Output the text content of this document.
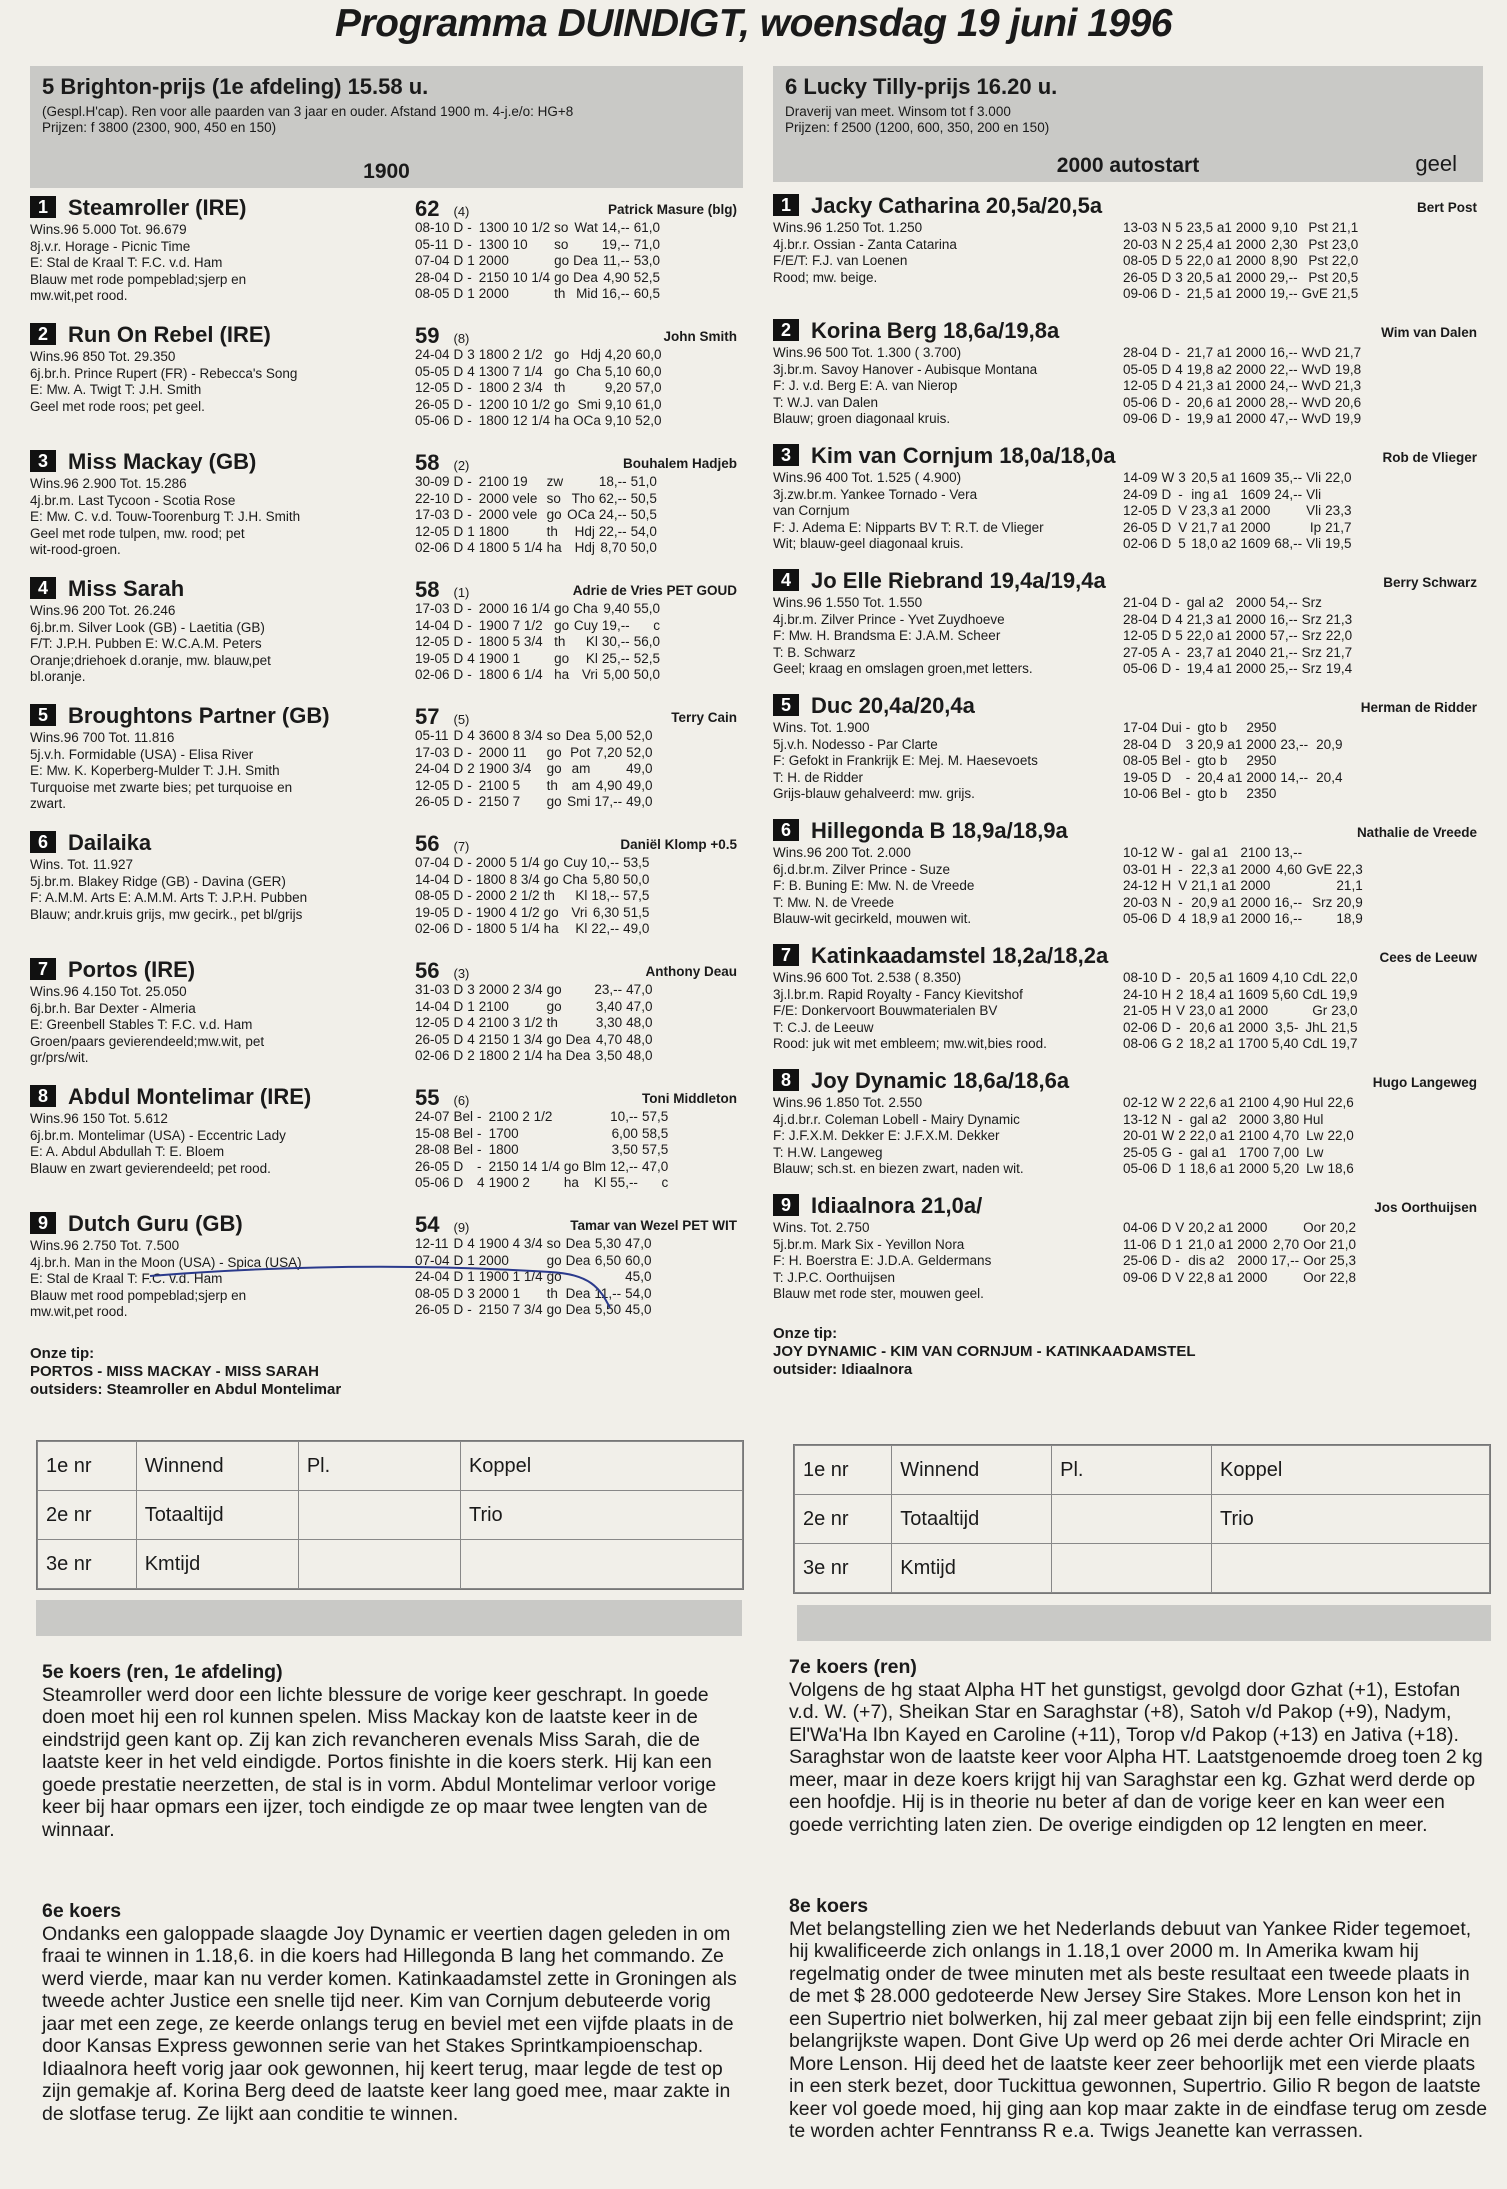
Programma DUINDIGT, woensdag 19 juni 1996
5 Brighton-prijs (1e afdeling) 15.58 u.
(Gespl.H'cap). Ren voor alle paarden van 3 jaar en ouder. Afstand 1900 m. 4-j.e/o: HG+8
Prijzen: f 3800 (2300, 900, 450 en 150)
1900
1 Steamroller (IRE)
Wins.96 5.000 Tot. 96.679
8j.v.r. Horage - Picnic Time
E: Stal de Kraal T: F.C. v.d. Ham
Blauw met rode pompeblad;sjerp en
mw.wit,pet rood.
62 (4)	Patrick Masure (blg)
08-10	D	-	1300 10 1/2	so	Wat	14,--	61,0
05-11	D	-	1300 10	so		19,--	71,0
07-04	D	1	2000	go	Dea	11,--	53,0
28-04	D	-	2150 10 1/4	go	Dea	4,90	52,5
08-05	D	1	2000	th	Mid	16,--	60,5
2 Run On Rebel (IRE)
Wins.96 850 Tot. 29.350
6j.br.h. Prince Rupert (FR) - Rebecca's Song
E: Mw. A. Twigt T: J.H. Smith
Geel met rode roos; pet geel.
59 (8)	John Smith
24-04	D	3	1800 2 1/2	go	Hdj	4,20	60,0
05-05	D	4	1300 7 1/4	go	Cha	5,10	60,0
12-05	D	-	1800 2 3/4	th		9,20	57,0
26-05	D	-	1200 10 1/2	go	Smi	9,10	61,0
05-06	D	-	1800 12 1/4	ha	OCa	9,10	52,0
3 Miss Mackay (GB)
Wins.96 2.900 Tot. 15.286
4j.br.m. Last Tycoon - Scotia Rose
E: Mw. C. v.d. Touw-Toorenburg T: J.H. Smith
Geel met rode tulpen, mw. rood; pet
wit-rood-groen.
58 (2)	Bouhalem Hadjeb
30-09	D	-	2100 19	zw		18,--	51,0
22-10	D	-	2000 vele	so	Tho	62,--	50,5
17-03	D	-	2000 vele	go	OCa	24,--	50,5
12-05	D	1	1800	th	Hdj	22,--	54,0
02-06	D	4	1800 5 1/4	ha	Hdj	8,70	50,0
4 Miss Sarah
Wins.96 200 Tot. 26.246
6j.br.m. Silver Look (GB) - Laetitia (GB)
F/T: J.P.H. Pubben E: W.C.A.M. Peters
Oranje;driehoek d.oranje, mw. blauw,pet
bl.oranje.
58 (1)	Adrie de Vries PET GOUD
17-03	D	-	2000 16 1/4	go	Cha	9,40	55,0
14-04	D	-	1900 7 1/2	go	Cuy	19,--	c
12-05	D	-	1800 5 3/4	th	Kl	30,--	56,0
19-05	D	4	1900 1	go	Kl	25,--	52,5
02-06	D	-	1800 6 1/4	ha	Vri	5,00	50,0
5 Broughtons Partner (GB)
Wins.96 700 Tot. 11.816
5j.v.h. Formidable (USA) - Elisa River
E: Mw. K. Koperberg-Mulder T: J.H. Smith
Turquoise met zwarte bies; pet turquoise en
zwart.
57 (5)	Terry Cain
05-11	D	4	3600 8 3/4	so	Dea	5,00	52,0
17-03	D	-	2000 11	go	Pot	7,20	52,0
24-04	D	2	1900 3/4	go	am		49,0
12-05	D	-	2100 5	th	am	4,90	49,0
26-05	D	-	2150 7	go	Smi	17,--	49,0
6 Dailaika
Wins. Tot. 11.927
5j.br.m. Blakey Ridge (GB) - Davina (GER)
F: A.M.M. Arts E: A.M.M. Arts T: J.P.H. Pubben
Blauw; andr.kruis grijs, mw gecirk., pet bl/grijs
56 (7)	Daniël Klomp +0.5
07-04	D	-	2000 5 1/4	go	Cuy	10,--	53,5
14-04	D	-	1800 8 3/4	go	Cha	5,80	50,0
08-05	D	-	2000 2 1/2	th	Kl	18,--	57,5
19-05	D	-	1900 4 1/2	go	Vri	6,30	51,5
02-06	D	-	1800 5 1/4	ha	Kl	22,--	49,0
7 Portos (IRE)
Wins.96 4.150 Tot. 25.050
6j.br.h. Bar Dexter - Almeria
E: Greenbell Stables T: F.C. v.d. Ham
Groen/paars gevierendeeld;mw.wit, pet
gr/prs/wit.
56 (3)	Anthony Deau
31-03	D	3	2000 2 3/4	go		23,--	47,0
14-04	D	1	2100	go		3,40	47,0
12-05	D	4	2100 3 1/2	th		3,30	48,0
26-05	D	4	2150 1 3/4	go	Dea	4,70	48,0
02-06	D	2	1800 2 1/4	ha	Dea	3,50	48,0
8 Abdul Montelimar (IRE)
Wins.96 150 Tot. 5.612
6j.br.m. Montelimar (USA) - Eccentric Lady
E: A. Abdul Abdullah T: E. Bloem
Blauw en zwart gevierendeeld; pet rood.
55 (6)	Toni Middleton
24-07	Bel	-	2100 2 1/2			10,--	57,5
15-08	Bel	-	1700			6,00	58,5
28-08	Bel	-	1800			3,50	57,5
26-05	D	-	2150 14 1/4	go	Blm	12,--	47,0
05-06	D	4	1900 2	ha	Kl	55,--	c
9 Dutch Guru (GB)
Wins.96 2.750 Tot. 7.500
4j.br.h. Man in the Moon (USA) - Spica (USA)
E: Stal de Kraal T: F.C. v.d. Ham
Blauw met rood pompeblad;sjerp en
mw.wit,pet rood.
54 (9)	Tamar van Wezel PET WIT
12-11	D	4	1900 4 3/4	so	Dea	5,30	47,0
07-04	D	1	2000	go	Dea	6,50	60,0
24-04	D	1	1900 1 1/4	go			45,0
08-05	D	3	2000 1	th	Dea	11,--	54,0
26-05	D	-	2150 7 3/4	go	Dea	5,50	45,0
Onze tip:
PORTOS - MISS MACKAY - MISS SARAH
outsiders: Steamroller en Abdul Montelimar
6 Lucky Tilly-prijs 16.20 u.
Draverij van meet. Winsom tot f 3.000
Prijzen: f 2500 (1200, 600, 350, 200 en 150)
2000 autostart	geel
1 Jacky Catharina 20,5a/20,5a
Wins.96 1.250 Tot. 1.250
4j.br.r. Ossian - Zanta Catarina
F/E/T: F.J. van Loenen
Rood; mw. beige.
Bert Post
13-03	N	5	23,5 a1	2000	9,10	Pst	21,1
20-03	N	2	25,4 a1	2000	2,30	Pst	23,0
08-05	D	5	22,0 a1	2000	8,90	Pst	22,0
26-05	D	3	20,5 a1	2000	29,--	Pst	20,5
09-06	D	-	21,5 a1	2000	19,--	GvE	21,5
2 Korina Berg 18,6a/19,8a
Wins.96 500 Tot. 1.300 ( 3.700)
3j.br.m. Savoy Hanover - Aubisque Montana
F: J. v.d. Berg E: A. van Nierop
T: W.J. van Dalen
Blauw; groen diagonaal kruis.
Wim van Dalen
28-04	D	-	21,7 a1	2000	16,--	WvD	21,7
05-05	D	4	19,8 a2	2000	22,--	WvD	19,8
12-05	D	4	21,3 a1	2000	24,--	WvD	21,3
05-06	D	-	20,6 a1	2000	28,--	WvD	20,6
09-06	D	-	19,9 a1	2000	47,--	WvD	19,9
3 Kim van Cornjum 18,0a/18,0a
Wins.96 400 Tot. 1.525 ( 4.900)
3j.zw.br.m. Yankee Tornado - Vera
van Cornjum
F: J. Adema E: Nipparts BV T: R.T. de Vlieger
Wit; blauw-geel diagonaal kruis.
Rob de Vlieger
14-09	W	3	20,5 a1	1609	35,--	Vli	22,0
24-09	D	-	ing a1	1609	24,--	Vli	
12-05	D	V	23,3 a1	2000		Vli	23,3
26-05	D	V	21,7 a1	2000		Ip	21,7
02-06	D	5	18,0 a2	1609	68,--	Vli	19,5
4 Jo Elle Riebrand 19,4a/19,4a
Wins.96 1.550 Tot. 1.550
4j.br.m. Zilver Prince - Yvet Zuydhoeve
F: Mw. H. Brandsma E: J.A.M. Scheer
T: B. Schwarz
Geel; kraag en omslagen groen,met letters.
Berry Schwarz
21-04	D	-	gal a2	2000	54,--	Srz	
28-04	D	4	21,3 a1	2000	16,--	Srz	21,3
12-05	D	5	22,0 a1	2000	57,--	Srz	22,0
27-05	A	-	23,7 a1	2040	21,--	Srz	21,7
05-06	D	-	19,4 a1	2000	25,--	Srz	19,4
5 Duc 20,4a/20,4a
Wins. Tot. 1.900
5j.v.h. Nodesso - Par Clarte
F: Gefokt in Frankrijk E: Mej. M. Haesevoets
T: H. de Ridder
Grijs-blauw gehalveerd: mw. grijs.
Herman de Ridder
17-04	Dui	-	gto b	2950			
28-04	D	3	20,9 a1	2000	23,--		20,9
08-05	Bel	-	gto b	2950			
19-05	D	-	20,4 a1	2000	14,--		20,4
10-06	Bel	-	gto b	2350			
6 Hillegonda B 18,9a/18,9a
Wins.96 200 Tot. 2.000
6j.d.br.m. Zilver Prince - Suze
F: B. Buning E: Mw. N. de Vreede
T: Mw. N. de Vreede
Blauw-wit gecirkeld, mouwen wit.
Nathalie de Vreede
10-12	W	-	gal a1	2100	13,--		
03-01	H	-	22,3 a1	2000	4,60	GvE	22,3
24-12	H	V	21,1 a1	2000			21,1
20-03	N	-	20,9 a1	2000	16,--	Srz	20,9
05-06	D	4	18,9 a1	2000	16,--		18,9
7 Katinkaadamstel 18,2a/18,2a
Wins.96 600 Tot. 2.538 ( 8.350)
3j.l.br.m. Rapid Royalty - Fancy Kievitshof
F/E: Donkervoort Bouwmaterialen BV
T: C.J. de Leeuw
Rood: juk wit met embleem; mw.wit,bies rood.
Cees de Leeuw
08-10	D	-	20,5 a1	1609	4,10	CdL	22,0
24-10	H	2	18,4 a1	1609	5,60	CdL	19,9
21-05	H	V	23,0 a1	2000		Gr	23,0
02-06	D	-	20,6 a1	2000	3,5-	JhL	21,5
08-06	G	2	18,2 a1	1700	5,40	CdL	19,7
8 Joy Dynamic 18,6a/18,6a
Wins.96 1.850 Tot. 2.550
4j.d.br.r. Coleman Lobell - Mairy Dynamic
F: J.F.X.M. Dekker E: J.F.X.M. Dekker
T: H.W. Langeweg
Blauw; sch.st. en biezen zwart, naden wit.
Hugo Langeweg
02-12	W	2	22,6 a1	2100	4,90	Hul	22,6
13-12	N	-	gal a2	2000	3,80	Hul	
20-01	W	2	22,0 a1	2100	4,70	Lw	22,0
25-05	G	-	gal a1	1700	7,00	Lw	
05-06	D	1	18,6 a1	2000	5,20	Lw	18,6
9 Idiaalnora 21,0a/
Wins. Tot. 2.750
5j.br.m. Mark Six - Yevillon Nora
F: H. Boerstra E: J.D.A. Geldermans
T: J.P.C. Oorthuijsen
Blauw met rode ster, mouwen geel.
Jos Oorthuijsen
04-06	D	V	20,2 a1	2000		Oor	20,2
11-06	D	1	21,0 a1	2000	2,70	Oor	21,0
25-06	D	-	dis a2	2000	17,--	Oor	25,3
09-06	D	V	22,8 a1	2000		Oor	22,8
Onze tip:
JOY DYNAMIC - KIM VAN CORNJUM - KATINKAADAMSTEL
outsider: Idiaalnora
1e nr	Winnend	Pl.	Koppel
2e nr	Totaaltijd		Trio
3e nr	Kmtijd		
1e nr	Winnend	Pl.	Koppel
2e nr	Totaaltijd		Trio
3e nr	Kmtijd		
5e koers (ren, 1e afdeling)

Steamroller werd door een lichte blessure de vorige keer geschrapt. In goede doen moet hij een rol kunnen spelen. Miss Mackay kon de laatste keer in de eindstrijd geen kant op. Zij kan zich revancheren evenals Miss Sarah, die de laatste keer in het veld eindigde. Portos finishte in die koers sterk. Hij kan een goede prestatie neerzetten, de stal is in vorm. Abdul Montelimar verloor vorige keer bij haar opmars een ijzer, toch eindigde ze op maar twee lengten van de winnaar.

6e koers

Ondanks een galoppade slaagde Joy Dynamic er veertien dagen geleden in om fraai te winnen in 1.18,6. in die koers had Hillegonda B lang het commando. Ze werd vierde, maar kan nu verder komen. Katinkaadamstel zette in Groningen als tweede achter Justice een snelle tijd neer. Kim van Cornjum debuteerde vorig jaar met een zege, ze keerde onlangs terug en beviel met een vijfde plaats in de door Kansas Express gewonnen serie van het Stakes Sprintkampioenschap. Idiaalnora heeft vorig jaar ook gewonnen, hij keert terug, maar legde de test op zijn gemakje af. Korina Berg deed de laatste keer lang goed mee, maar zakte in de slotfase terug. Ze lijkt aan conditie te winnen.

7e koers (ren)

Volgens de hg staat Alpha HT het gunstigst, gevolgd door Gzhat (+1), Estofan v.d. W. (+7), Sheikan Star en Saraghstar (+8), Satoh v/d Pakop (+9), Nadym, El'Wa'Ha Ibn Kayed en Caroline (+11), Torop v/d Pakop (+13) en Jativa (+18). Saraghstar won de laatste keer voor Alpha HT. Laatstgenoemde droeg toen 2 kg meer, maar in deze koers krijgt hij van Saraghstar een kg. Gzhat werd derde op een hoofdje. Hij is in theorie nu beter af dan de vorige keer en kan weer een goede verrichting laten zien. De overige eindigden op 12 lengten en meer.

8e koers

Met belangstelling zien we het Nederlands debuut van Yankee Rider tegemoet, hij kwalificeerde zich onlangs in 1.18,1 over 2000 m. In Amerika kwam hij regelmatig onder de twee minuten met als beste resultaat een tweede plaats in de met $ 28.000 gedoteerde New Jersey Sire Stakes. More Lenson kon het in een Supertrio niet bolwerken, hij zal meer gebaat zijn bij een felle eindsprint; zijn belangrijkste wapen. Dont Give Up werd op 26 mei derde achter Ori Miracle en More Lenson. Hij deed het de laatste keer zeer behoorlijk met een vierde plaats in een sterk bezet, door Tuckittua gewonnen, Supertrio. Gilio R begon de laatste keer vol goede moed, hij ging aan kop maar zakte in de eindfase terug om zesde te worden achter Fenntranss R e.a. Twigs Jeanette kan verrassen.
